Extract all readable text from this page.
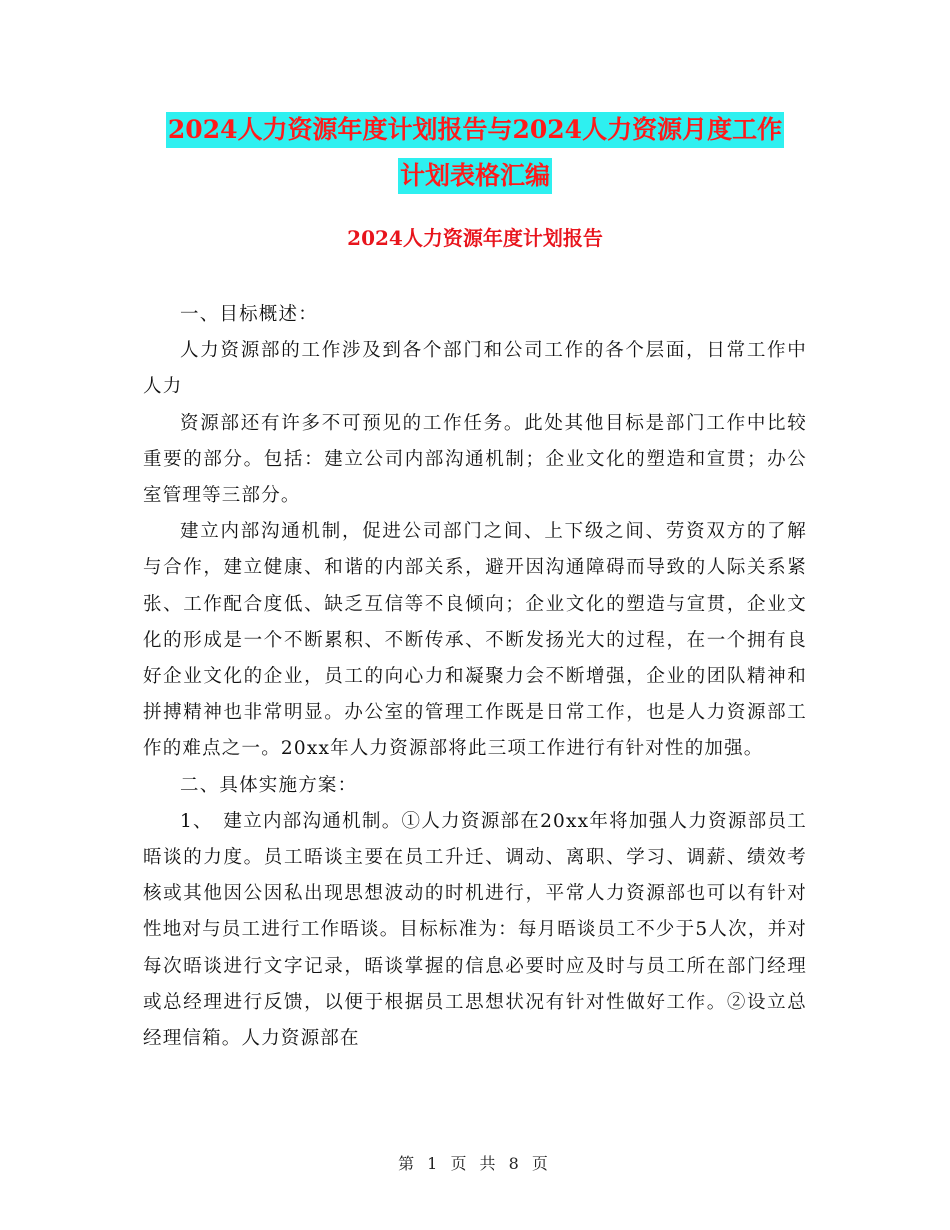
2024人力资源年度计划报告与2024人力资源月度工作
计划表格汇编
2024人力资源年度计划报告

一、目标概述：

人力资源部的工作涉及到各个部门和公司工作的各个层面，日常工作中人力

资源部还有许多不可预见的工作任务。此处其他目标是部门工作中比较重要的部分。包括：建立公司内部沟通机制；企业文化的塑造和宣贯；办公室管理等三部分。

建立内部沟通机制，促进公司部门之间、上下级之间、劳资双方的了解与合作，建立健康、和谐的内部关系，避开因沟通障碍而导致的人际关系紧张、工作配合度低、缺乏互信等不良倾向；企业文化的塑造与宣贯，企业文化的形成是一个不断累积、不断传承、不断发扬光大的过程，在一个拥有良好企业文化的企业，员工的向心力和凝聚力会不断增强，企业的团队精神和拼搏精神也非常明显。办公室的管理工作既是日常工作，也是人力资源部工作的难点之一。20xx年人力资源部将此三项工作进行有针对性的加强。

二、具体实施方案：

1、　建立内部沟通机制。①人力资源部在20xx年将加强人力资源部员工晤谈的力度。员工晤谈主要在员工升迁、调动、离职、学习、调薪、绩效考核或其他因公因私出现思想波动的时机进行，平常人力资源部也可以有针对性地对与员工进行工作晤谈。目标标准为：每月晤谈员工不少于5人次，并对每次晤谈进行文字记录，晤谈掌握的信息必要时应及时与员工所在部门经理或总经理进行反馈，以便于根据员工思想状况有针对性做好工作。②设立总经理信箱。人力资源部在

第 1 页 共 8 页
